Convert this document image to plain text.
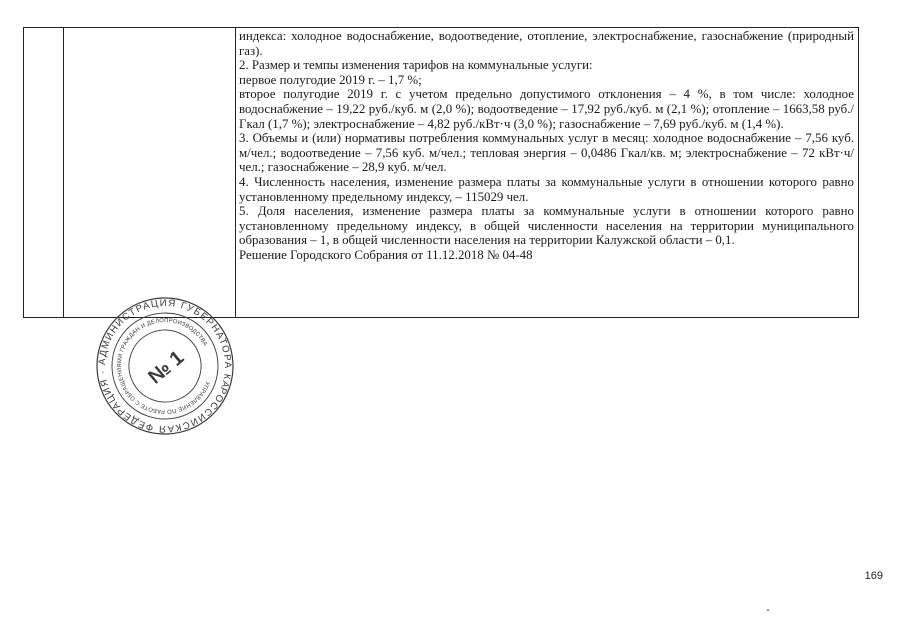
индекса: холодное водоснабжение, водоотведение, отопление, электроснабжение, газоснабжение (природный газ).

2. Размер и темпы изменения тарифов на коммунальные услуги:

первое полугодие 2019 г. – 1,7 %;

второе полугодие 2019 г. с учетом предельно допустимого отклонения – 4 %, в том числе: холодное водоснабжение – 19,22 руб./куб. м (2,0 %); водоотведение – 17,92 руб./куб. м (2,1 %); отопление – 1663,58 руб./Гкал (1,7 %); электроснабжение – 4,82 руб./кВт·ч (3,0 %); газоснабжение – 7,69 руб./куб. м (1,4 %).

3. Объемы и (или) нормативы потребления коммунальных услуг в месяц: холодное водоснабжение – 7,56 куб. м/чел.; водоотведение – 7,56 куб. м/чел.; тепловая энергия – 0,0486 Гкал/кв. м; электроснабжение – 72 кВт·ч/чел.; газоснабжение – 28,9 куб. м/чел.

4. Численность населения, изменение размера платы за коммунальные услуги в отношении которого равно установленному предельному индексу, – 115029 чел.

5. Доля населения, изменение размера платы за коммунальные услуги в отношении которого равно установленному предельному индексу, в общей численности населения на территории муниципального образования – 1, в общей численности населения на территории Калужской области – 0,1.

Решение Городского Собрания от 11.12.2018 № 04-48

РОССИЙСКАЯ ФЕДЕРАЦИЯ · АДМИНИСТРАЦИЯ ГУБЕРНАТОРА КАЛУЖСКОЙ
УПРАВЛЕНИЕ ПО РАБОТЕ С ОБРАЩЕНИЯМИ ГРАЖДАН И ДЕЛОПРОИЗВОДСТВА
№ 1
169
